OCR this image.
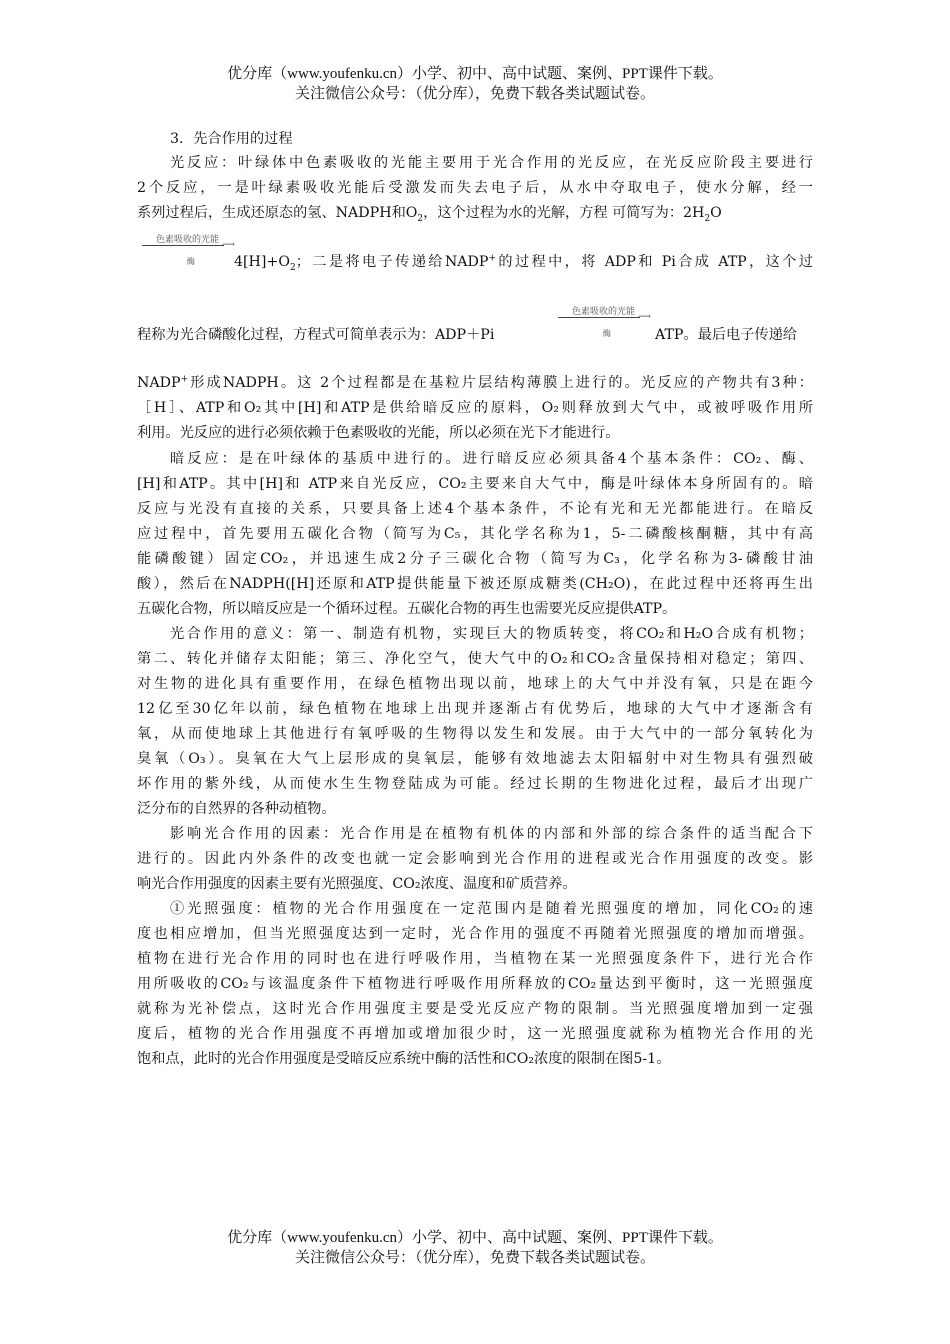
优分库（www.youfenku.cn）小学、初中、高中试题、案例、PPT课件下载。
关注微信公众号：（优分库），免费下载各类试题试卷。
3．先合作用的过程
光反应：叶绿体中色素吸收的光能主要用于光合作用的光反应，在光反应阶段主要进行
2个反应，一是叶绿素吸收光能后受激发而失去电子后，从水中夺取电子，使水分解，经一
系列过程后，生成还原态的氢、NADPH和$O_2$，这个过程为水的光解，方程 可简写为：$2H_2O$
色素吸收的光能 ⟶
酶	$4[H]+O_2$；二是将电子传递给NADP+的过程中，将 ADP和 Pi合成 ATP，这个过
色素吸收的光能 ⟶
酶
程称为光合磷酸化过程，方程式可简单表示为：ADP＋Pi	ATP。最后电子传递给
NADP+形成NADPH。这 2个过程都是在基粒片层结构薄膜上进行的。光反应的产物共有3种：
［H］、ATP和O₂其中[H]和ATP是供给暗反应的原料，O₂则释放到大气中，或被呼吸作用所
利用。光反应的进行必须依赖于色素吸收的光能，所以必须在光下才能进行。
暗反应：是在叶绿体的基质中进行的。进行暗反应必须具备4个基本条件：CO₂、酶、
[H]和ATP。其中[H]和 ATP来自光反应，CO₂主要来自大气中，酶是叶绿体本身所固有的。暗
反应与光没有直接的关系，只要具备上述4个基本条件，不论有光和无光都能进行。在暗反
应过程中，首先要用五碳化合物（简写为C₅，其化学名称为1，5-二磷酸核酮糖，其中有高
能磷酸键）固定CO₂，并迅速生成2分子三碳化合物（简写为C₃，化学名称为3-磷酸甘油
酸），然后在NADPH([H]还原和ATP提供能量下被还原成糖类(CH₂O)，在此过程中还将再生出
五碳化合物，所以暗反应是一个循环过程。五碳化合物的再生也需要光反应提供ATP。
光合作用的意义：第一、制造有机物，实现巨大的物质转变，将CO₂和H₂O合成有机物；
第二、转化并储存太阳能；第三、净化空气，使大气中的O₂和CO₂含量保持相对稳定；第四、
对生物的进化具有重要作用，在绿色植物出现以前，地球上的大气中并没有氧，只是在距今
12亿至30亿年以前，绿色植物在地球上出现并逐渐占有优势后，地球的大气中才逐渐含有
氧，从而使地球上其他进行有氧呼吸的生物得以发生和发展。由于大气中的一部分氧转化为
臭氧（O₃）。臭氧在大气上层形成的臭氧层，能够有效地滤去太阳辐射中对生物具有强烈破
坏作用的紫外线，从而使水生生物登陆成为可能。经过长期的生物进化过程，最后才出现广
泛分布的自然界的各种动植物。
影响光合作用的因素：光合作用是在植物有机体的内部和外部的综合条件的适当配合下
进行的。因此内外条件的改变也就一定会影响到光合作用的进程或光合作用强度的改变。影
响光合作用强度的因素主要有光照强度、CO₂浓度、温度和矿质营养。
①光照强度：植物的光合作用强度在一定范围内是随着光照强度的增加，同化CO₂的速
度也相应增加，但当光照强度达到一定时，光合作用的强度不再随着光照强度的增加而增强。
植物在进行光合作用的同时也在进行呼吸作用，当植物在某一光照强度条件下，进行光合作
用所吸收的CO₂与该温度条件下植物进行呼吸作用所释放的CO₂量达到平衡时，这一光照强度
就称为光补偿点，这时光合作用强度主要是受光反应产物的限制。当光照强度增加到一定强
度后，植物的光合作用强度不再增加或增加很少时，这一光照强度就称为植物光合作用的光
饱和点，此时的光合作用强度是受暗反应系统中酶的活性和CO₂浓度的限制在图5-1。
优分库（www.youfenku.cn）小学、初中、高中试题、案例、PPT课件下载。
关注微信公众号：（优分库），免费下载各类试题试卷。
